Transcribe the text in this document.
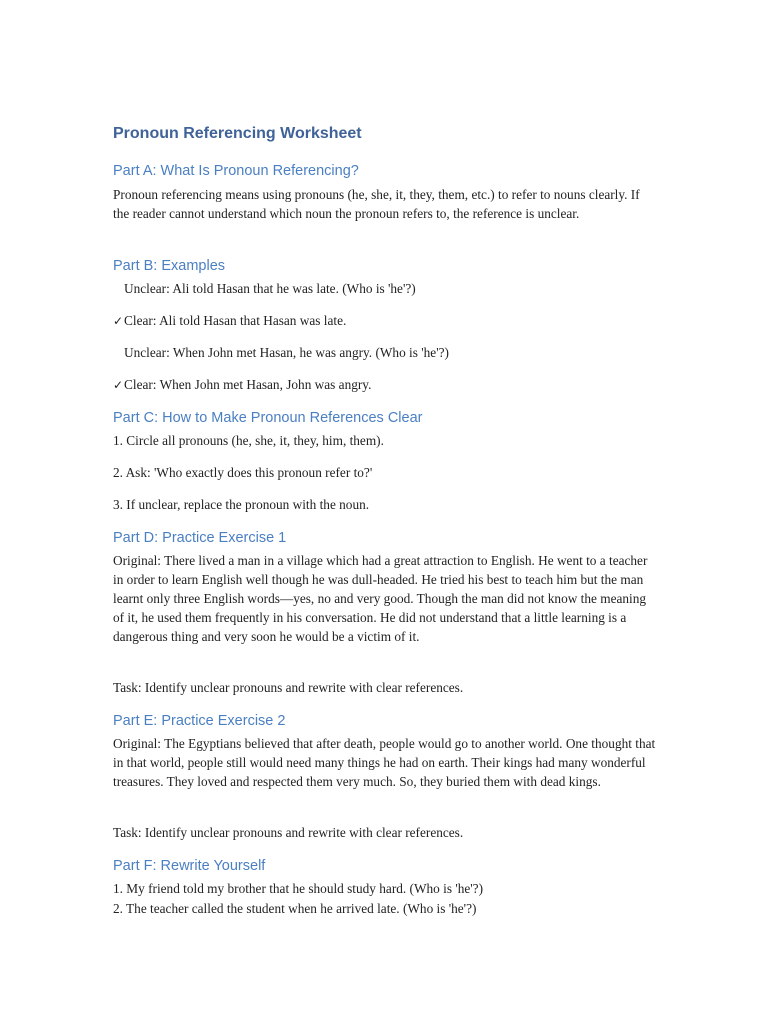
Pronoun Referencing Worksheet
Part A: What Is Pronoun Referencing?

Pronoun referencing means using pronouns (he, she, it, they, them, etc.) to refer to nouns clearly. If the reader cannot understand which noun the pronoun refers to, the reference is unclear.

Part B: Examples

Unclear: Ali told Hasan that he was late. (Who is 'he'?)

✓Clear: Ali told Hasan that Hasan was late.

Unclear: When John met Hasan, he was angry. (Who is 'he'?)

✓Clear: When John met Hasan, John was angry.

Part C: How to Make Pronoun References Clear

1. Circle all pronouns (he, she, it, they, him, them).

2. Ask: 'Who exactly does this pronoun refer to?'

3. If unclear, replace the pronoun with the noun.

Part D: Practice Exercise 1

Original: There lived a man in a village which had a great attraction to English. He went to a teacher in order to learn English well though he was dull-headed. He tried his best to teach him but the man learnt only three English words—yes, no and very good. Though the man did not know the meaning of it, he used them frequently in his conversation. He did not understand that a little learning is a dangerous thing and very soon he would be a victim of it.

Task: Identify unclear pronouns and rewrite with clear references.

Part E: Practice Exercise 2

Original: The Egyptians believed that after death, people would go to another world. One thought that in that world, people still would need many things he had on earth. Their kings had many wonderful treasures. They loved and respected them very much. So, they buried them with dead kings.

Task: Identify unclear pronouns and rewrite with clear references.

Part F: Rewrite Yourself

1. My friend told my brother that he should study hard. (Who is 'he'?)

2. The teacher called the student when he arrived late. (Who is 'he'?)
